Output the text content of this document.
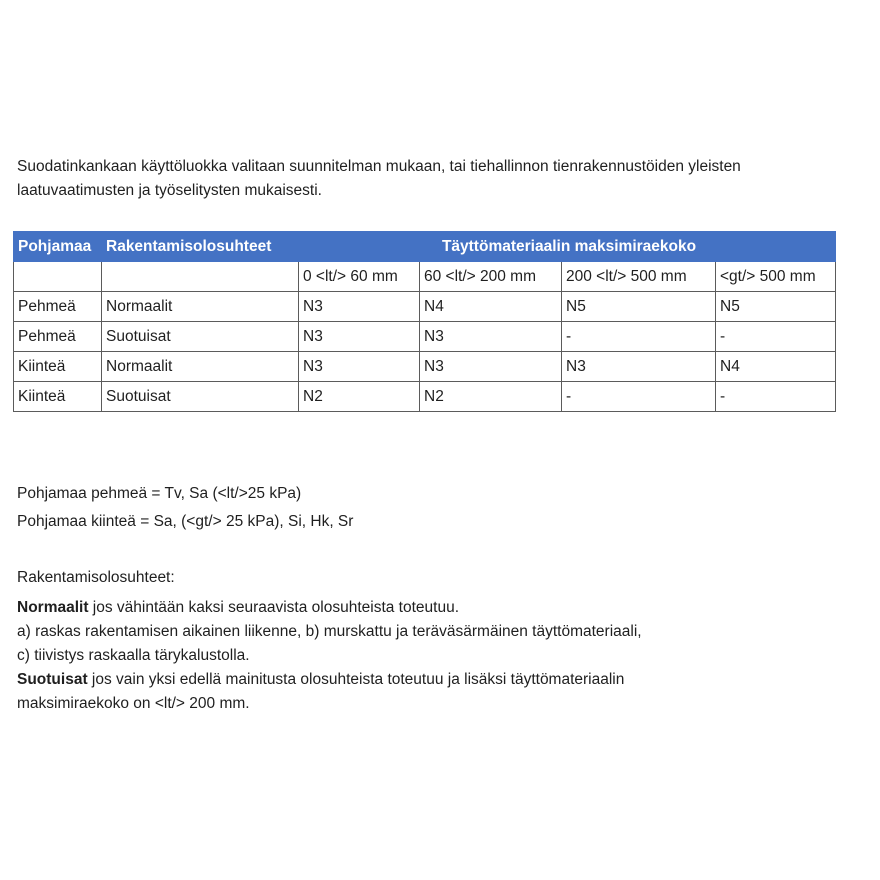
Suodatinkankaan käyttöluokka valitaan suunnitelman mukaan, tai tiehallinnon tienrakennustöiden yleisten
laatuvaatimusten ja työselitysten mukaisesti.

Pohjamaa	Rakentamisolosuhteet	Täyttömateriaalin maksimiraekoko			
		0 <lt/> 60 mm	60 <lt/> 200 mm	200 <lt/> 500 mm	<gt/> 500 mm
Pehmeä	Normaalit	N3	N4	N5	N5
Pehmeä	Suotuisat	N3	N3	-	-
Kiinteä	Normaalit	N3	N3	N3	N4
Kiinteä	Suotuisat	N2	N2	-	-

Pohjamaa pehmeä = Tv, Sa (<lt/>25 kPa)
Pohjamaa kiinteä = Sa, (<gt/> 25 kPa), Si, Hk, Sr

Rakentamisolosuhteet:
Normaalit jos vähintään kaksi seuraavista olosuhteista toteutuu.
a) raskas rakentamisen aikainen liikenne, b) murskattu ja teräväsärmäinen täyttömateriaali,
c) tiivistys raskaalla tärykalustolla.
Suotuisat jos vain yksi edellä mainitusta olosuhteista toteutuu ja lisäksi täyttömateriaalin
maksimiraekoko on <lt/> 200 mm.
